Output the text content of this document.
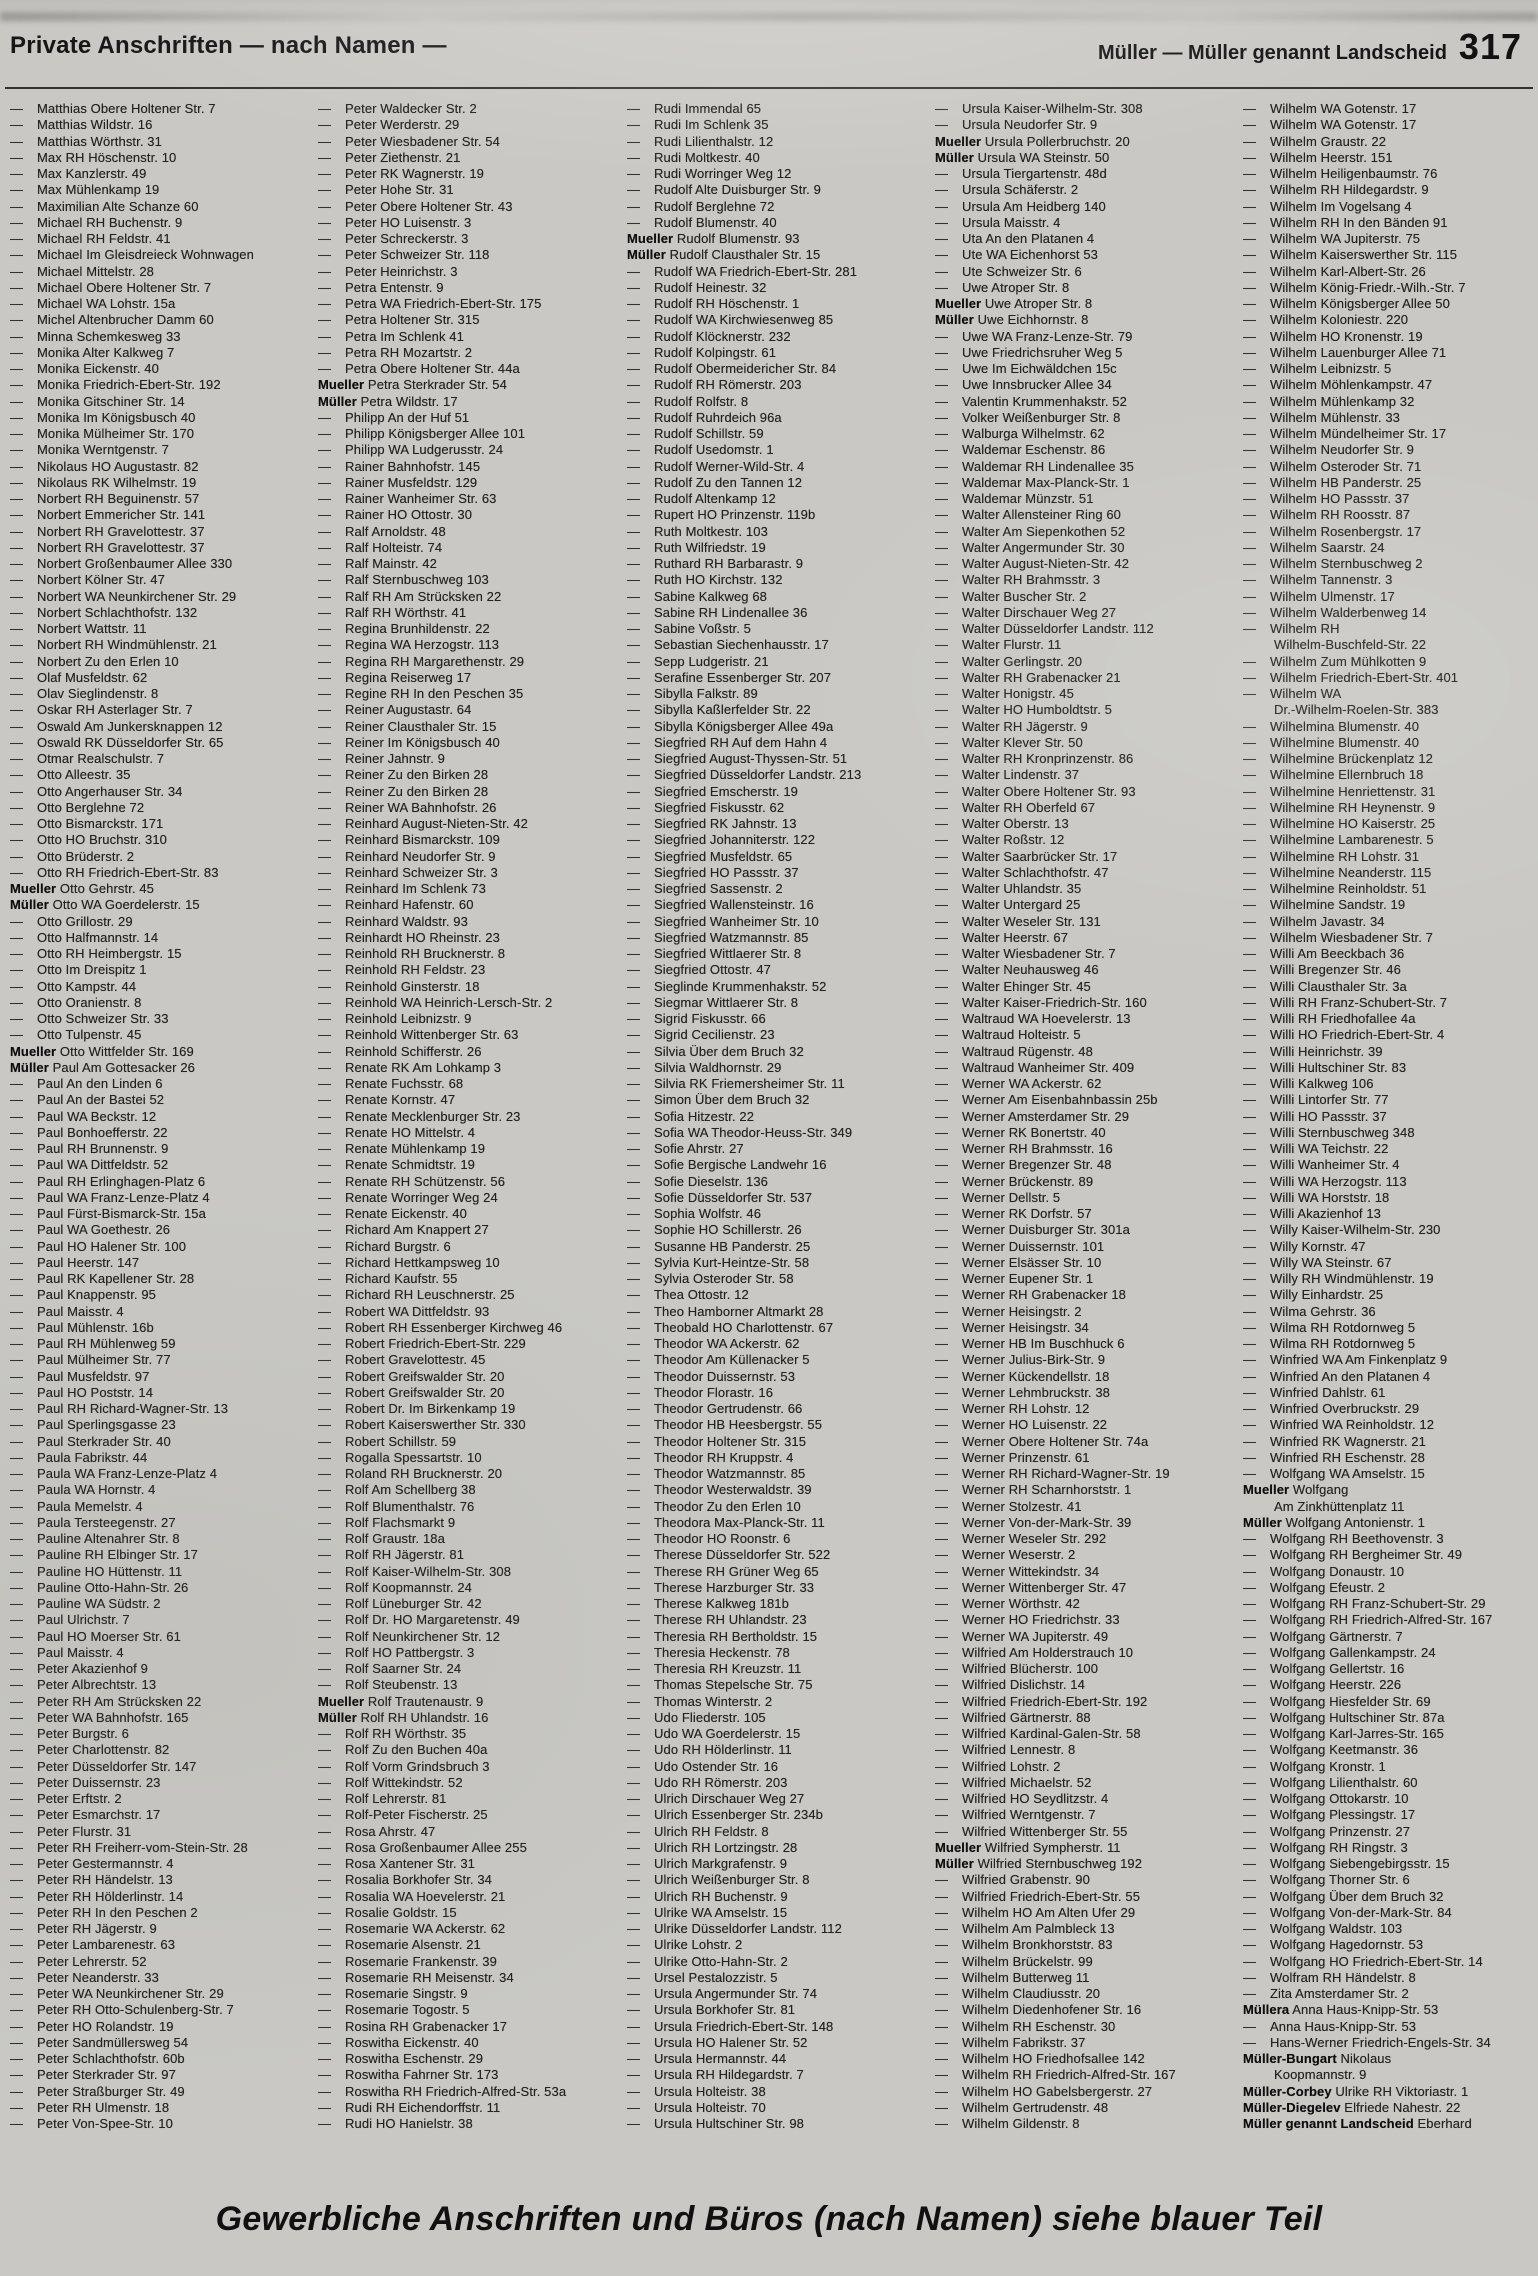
Private Anschriften — nach Namen —	Müller — Müller genannt Landscheid 317
— Matthias Obere Holtener Str. 7
— Matthias Wildstr. 16
— Matthias Wörthstr. 31
— Max RH Höschenstr. 10
— Max Kanzlerstr. 49
— Max Mühlenkamp 19
— Maximilian Alte Schanze 60
— Michael RH Buchenstr. 9
— Michael RH Feldstr. 41
— Michael Im Gleisdreieck Wohnwagen
— Michael Mittelstr. 28
— Michael Obere Holtener Str. 7
— Michael WA Lohstr. 15a
— Michel Altenbrucher Damm 60
— Minna Schemkesweg 33
— Monika Alter Kalkweg 7
— Monika Eickenstr. 40
— Monika Friedrich-Ebert-Str. 192
— Monika Gitschiner Str. 14
— Monika Im Königsbusch 40
— Monika Mülheimer Str. 170
— Monika Werntgenstr. 7
— Nikolaus HO Augustastr. 82
— Nikolaus RK Wilhelmstr. 19
— Norbert RH Beguinenstr. 57
— Norbert Emmericher Str. 141
— Norbert RH Gravelottestr. 37
— Norbert RH Gravelottestr. 37
— Norbert Großenbaumer Allee 330
— Norbert Kölner Str. 47
— Norbert WA Neunkirchener Str. 29
— Norbert Schlachthofstr. 132
— Norbert Wattstr. 11
— Norbert RH Windmühlenstr. 21
— Norbert Zu den Erlen 10
— Olaf Musfeldstr. 62
— Olav Sieglindenstr. 8
— Oskar RH Asterlager Str. 7
— Oswald Am Junkersknappen 12
— Oswald RK Düsseldorfer Str. 65
— Otmar Realschulstr. 7
— Otto Alleestr. 35
— Otto Angerhauser Str. 34
— Otto Berglehne 72
— Otto Bismarckstr. 171
— Otto HO Bruchstr. 310
— Otto Brüderstr. 2
— Otto RH Friedrich-Ebert-Str. 83
Mueller Otto Gehrstr. 45
Müller Otto WA Goerdelerstr. 15
— Otto Grillostr. 29
— Otto Halfmannstr. 14
— Otto RH Heimbergstr. 15
— Otto Im Dreispitz 1
— Otto Kampstr. 44
— Otto Oranienstr. 8
— Otto Schweizer Str. 33
— Otto Tulpenstr. 45
Mueller Otto Wittfelder Str. 169
Müller Paul Am Gottesacker 26
— Paul An den Linden 6
— Paul An der Bastei 52
— Paul WA Beckstr. 12
— Paul Bonhoefferstr. 22
— Paul RH Brunnenstr. 9
— Paul WA Dittfeldstr. 52
— Paul RH Erlinghagen-Platz 6
— Paul WA Franz-Lenze-Platz 4
— Paul Fürst-Bismarck-Str. 15a
— Paul WA Goethestr. 26
— Paul HO Halener Str. 100
— Paul Heerstr. 147
— Paul RK Kapellener Str. 28
— Paul Knappenstr. 95
— Paul Maisstr. 4
— Paul Mühlenstr. 16b
— Paul RH Mühlenweg 59
— Paul Mülheimer Str. 77
— Paul Musfeldstr. 97
— Paul HO Poststr. 14
— Paul RH Richard-Wagner-Str. 13
— Paul Sperlingsgasse 23
— Paul Sterkrader Str. 40
— Paula Fabrikstr. 44
— Paula WA Franz-Lenze-Platz 4
— Paula WA Hornstr. 4
— Paula Memelstr. 4
— Paula Tersteegenstr. 27
— Pauline Altenahrer Str. 8
— Pauline RH Elbinger Str. 17
— Pauline HO Hüttenstr. 11
— Pauline Otto-Hahn-Str. 26
— Pauline WA Südstr. 2
— Paul Ulrichstr. 7
— Paul HO Moerser Str. 61
— Paul Maisstr. 4
— Peter Akazienhof 9
— Peter Albrechtstr. 13
— Peter RH Am Strücksken 22
— Peter WA Bahnhofstr. 165
— Peter Burgstr. 6
— Peter Charlottenstr. 82
— Peter Düsseldorfer Str. 147
— Peter Duissernstr. 23
— Peter Erftstr. 2
— Peter Esmarchstr. 17
— Peter Flurstr. 31
— Peter RH Freiherr-vom-Stein-Str. 28
— Peter Gestermannstr. 4
— Peter RH Händelstr. 13
— Peter RH Hölderlinstr. 14
— Peter RH In den Peschen 2
— Peter RH Jägerstr. 9
— Peter Lambarenestr. 63
— Peter Lehrerstr. 52
— Peter Neanderstr. 33
— Peter WA Neunkirchener Str. 29
— Peter RH Otto-Schulenberg-Str. 7
— Peter HO Rolandstr. 19
— Peter Sandmüllersweg 54
— Peter Schlachthofstr. 60b
— Peter Sterkrader Str. 97
— Peter Straßburger Str. 49
— Peter RH Ulmenstr. 18
— Peter Von-Spee-Str. 10
— Peter Waldecker Str. 2
— Peter Werderstr. 29
— Peter Wiesbadener Str. 54
— Peter Ziethenstr. 21
— Peter RK Wagnerstr. 19
— Peter Hohe Str. 31
— Peter Obere Holtener Str. 43
— Peter HO Luisenstr. 3
— Peter Schreckerstr. 3
— Peter Schweizer Str. 118
— Peter Heinrichstr. 3
— Petra Entenstr. 9
— Petra WA Friedrich-Ebert-Str. 175
— Petra Holtener Str. 315
— Petra Im Schlenk 41
— Petra RH Mozartstr. 2
— Petra Obere Holtener Str. 44a
Mueller Petra Sterkrader Str. 54
Müller Petra Wildstr. 17
— Philipp An der Huf 51
— Philipp Königsberger Allee 101
— Philipp WA Ludgerusstr. 24
— Rainer Bahnhofstr. 145
— Rainer Musfeldstr. 129
— Rainer Wanheimer Str. 63
— Rainer HO Ottostr. 30
— Ralf Arnoldstr. 48
— Ralf Holteistr. 74
— Ralf Mainstr. 42
— Ralf Sternbuschweg 103
— Ralf RH Am Strücksken 22
— Ralf RH Wörthstr. 41
— Regina Brunhildenstr. 22
— Regina WA Herzogstr. 113
— Regina RH Margarethenstr. 29
— Regina Reiserweg 17
— Regine RH In den Peschen 35
— Reiner Augustastr. 64
— Reiner Clausthaler Str. 15
— Reiner Im Königsbusch 40
— Reiner Jahnstr. 9
— Reiner Zu den Birken 28
— Reiner Zu den Birken 28
— Reiner WA Bahnhofstr. 26
— Reinhard August-Nieten-Str. 42
— Reinhard Bismarckstr. 109
— Reinhard Neudorfer Str. 9
— Reinhard Schweizer Str. 3
— Reinhard Im Schlenk 73
— Reinhard Hafenstr. 60
— Reinhard Waldstr. 93
— Reinhardt HO Rheinstr. 23
— Reinhold RH Brucknerstr. 8
— Reinhold RH Feldstr. 23
— Reinhold Ginsterstr. 18
— Reinhold WA Heinrich-Lersch-Str. 2
— Reinhold Leibnizstr. 9
— Reinhold Wittenberger Str. 63
— Reinhold Schifferstr. 26
— Renate RK Am Lohkamp 3
— Renate Fuchsstr. 68
— Renate Kornstr. 47
— Renate Mecklenburger Str. 23
— Renate HO Mittelstr. 4
— Renate Mühlenkamp 19
— Renate Schmidtstr. 19
— Renate RH Schützenstr. 56
— Renate Worringer Weg 24
— Renate Eickenstr. 40
— Richard Am Knappert 27
— Richard Burgstr. 6
— Richard Hettkampsweg 10
— Richard Kaufstr. 55
— Richard RH Leuschnerstr. 25
— Robert WA Dittfeldstr. 93
— Robert RH Essenberger Kirchweg 46
— Robert Friedrich-Ebert-Str. 229
— Robert Gravelottestr. 45
— Robert Greifswalder Str. 20
— Robert Greifswalder Str. 20
— Robert Dr. Im Birkenkamp 19
— Robert Kaiserswerther Str. 330
— Robert Schillstr. 59
— Rogalla Spessartstr. 10
— Roland RH Brucknerstr. 20
— Rolf Am Schellberg 38
— Rolf Blumenthalstr. 76
— Rolf Flachsmarkt 9
— Rolf Graustr. 18a
— Rolf RH Jägerstr. 81
— Rolf Kaiser-Wilhelm-Str. 308
— Rolf Koopmannstr. 24
— Rolf Lüneburger Str. 42
— Rolf Dr. HO Margaretenstr. 49
— Rolf Neunkirchener Str. 12
— Rolf HO Pattbergstr. 3
— Rolf Saarner Str. 24
— Rolf Steubenstr. 13
Mueller Rolf Trautenaustr. 9
Müller Rolf RH Uhlandstr. 16
— Rolf RH Wörthstr. 35
— Rolf Zu den Buchen 40a
— Rolf Vorm Grindsbruch 3
— Rolf Wittekindstr. 52
— Rolf Lehrerstr. 81
— Rolf-Peter Fischerstr. 25
— Rosa Ahrstr. 47
— Rosa Großenbaumer Allee 255
— Rosa Xantener Str. 31
— Rosalia Borkhofer Str. 34
— Rosalia WA Hoevelerstr. 21
— Rosalie Goldstr. 15
— Rosemarie WA Ackerstr. 62
— Rosemarie Alsenstr. 21
— Rosemarie Frankenstr. 39
— Rosemarie RH Meisenstr. 34
— Rosemarie Singstr. 9
— Rosemarie Togostr. 5
— Rosina RH Grabenacker 17
— Roswitha Eickenstr. 40
— Roswitha Eschenstr. 29
— Roswitha Fahrner Str. 173
— Roswitha RH Friedrich-Alfred-Str. 53a
— Rudi RH Eichendorffstr. 11
— Rudi HO Hanielstr. 38
— Rudi Immendal 65
— Rudi Im Schlenk 35
— Rudi Lilienthalstr. 12
— Rudi Moltkestr. 40
— Rudi Worringer Weg 12
— Rudolf Alte Duisburger Str. 9
— Rudolf Berglehne 72
— Rudolf Blumenstr. 40
Mueller Rudolf Blumenstr. 93
Müller Rudolf Clausthaler Str. 15
— Rudolf WA Friedrich-Ebert-Str. 281
— Rudolf Heinestr. 32
— Rudolf RH Höschenstr. 1
— Rudolf WA Kirchwiesenweg 85
— Rudolf Klöcknerstr. 232
— Rudolf Kolpingstr. 61
— Rudolf Obermeidericher Str. 84
— Rudolf RH Römerstr. 203
— Rudolf Rolfstr. 8
— Rudolf Ruhrdeich 96a
— Rudolf Schillstr. 59
— Rudolf Usedomstr. 1
— Rudolf Werner-Wild-Str. 4
— Rudolf Zu den Tannen 12
— Rudolf Altenkamp 12
— Rupert HO Prinzenstr. 119b
— Ruth Moltkestr. 103
— Ruth Wilfriedstr. 19
— Ruthard RH Barbarastr. 9
— Ruth HO Kirchstr. 132
— Sabine Kalkweg 68
— Sabine RH Lindenallee 36
— Sabine Voßstr. 5
— Sebastian Siechenhausstr. 17
— Sepp Ludgeristr. 21
— Serafine Essenberger Str. 207
— Sibylla Falkstr. 89
— Sibylla Kaßlerfelder Str. 22
— Sibylla Königsberger Allee 49a
— Siegfried RH Auf dem Hahn 4
— Siegfried August-Thyssen-Str. 51
— Siegfried Düsseldorfer Landstr. 213
— Siegfried Emscherstr. 19
— Siegfried Fiskusstr. 62
— Siegfried RK Jahnstr. 13
— Siegfried Johanniterstr. 122
— Siegfried Musfeldstr. 65
— Siegfried HO Passstr. 37
— Siegfried Sassenstr. 2
— Siegfried Wallensteinstr. 16
— Siegfried Wanheimer Str. 10
— Siegfried Watzmannstr. 85
— Siegfried Wittlaerer Str. 8
— Siegfried Ottostr. 47
— Sieglinde Krummenhakstr. 52
— Siegmar Wittlaerer Str. 8
— Sigrid Fiskusstr. 66
— Sigrid Cecilienstr. 23
— Silvia Über dem Bruch 32
— Silvia Waldhornstr. 29
— Silvia RK Friemersheimer Str. 11
— Simon Über dem Bruch 32
— Sofia Hitzestr. 22
— Sofia WA Theodor-Heuss-Str. 349
— Sofie Ahrstr. 27
— Sofie Bergische Landwehr 16
— Sofie Dieselstr. 136
— Sofie Düsseldorfer Str. 537
— Sophia Wolfstr. 46
— Sophie HO Schillerstr. 26
— Susanne HB Panderstr. 25
— Sylvia Kurt-Heintze-Str. 58
— Sylvia Osteroder Str. 58
— Thea Ottostr. 12
— Theo Hamborner Altmarkt 28
— Theobald HO Charlottenstr. 67
— Theodor WA Ackerstr. 62
— Theodor Am Küllenacker 5
— Theodor Duissernstr. 53
— Theodor Florastr. 16
— Theodor Gertrudenstr. 66
— Theodor HB Heesbergstr. 55
— Theodor Holtener Str. 315
— Theodor RH Kruppstr. 4
— Theodor Watzmannstr. 85
— Theodor Westerwaldstr. 39
— Theodor Zu den Erlen 10
— Theodora Max-Planck-Str. 11
— Theodor HO Roonstr. 6
— Therese Düsseldorfer Str. 522
— Therese RH Grüner Weg 65
— Therese Harzburger Str. 33
— Therese Kalkweg 181b
— Therese RH Uhlandstr. 23
— Theresia RH Bertholdstr. 15
— Theresia Heckenstr. 78
— Theresia RH Kreuzstr. 11
— Thomas Stepelsche Str. 75
— Thomas Winterstr. 2
— Udo Fliederstr. 105
— Udo WA Goerdelerstr. 15
— Udo RH Hölderlinstr. 11
— Udo Ostender Str. 16
— Udo RH Römerstr. 203
— Ulrich Dirschauer Weg 27
— Ulrich Essenberger Str. 234b
— Ulrich RH Feldstr. 8
— Ulrich RH Lortzingstr. 28
— Ulrich Markgrafenstr. 9
— Ulrich Weißenburger Str. 8
— Ulrich RH Buchenstr. 9
— Ulrike WA Amselstr. 15
— Ulrike Düsseldorfer Landstr. 112
— Ulrike Lohstr. 2
— Ulrike Otto-Hahn-Str. 2
— Ursel Pestalozzistr. 5
— Ursula Angermunder Str. 74
— Ursula Borkhofer Str. 81
— Ursula Friedrich-Ebert-Str. 148
— Ursula HO Halener Str. 52
— Ursula Hermannstr. 44
— Ursula RH Hildegardstr. 7
— Ursula Holteistr. 38
— Ursula Holteistr. 70
— Ursula Hultschiner Str. 98
— Ursula Kaiser-Wilhelm-Str. 308
— Ursula Neudorfer Str. 9
Mueller Ursula Pollerbruchstr. 20
Müller Ursula WA Steinstr. 50
— Ursula Tiergartenstr. 48d
— Ursula Schäferstr. 2
— Ursula Am Heidberg 140
— Ursula Maisstr. 4
— Uta An den Platanen 4
— Ute WA Eichenhorst 53
— Ute Schweizer Str. 6
— Uwe Atroper Str. 8
Mueller Uwe Atroper Str. 8
Müller Uwe Eichhornstr. 8
— Uwe WA Franz-Lenze-Str. 79
— Uwe Friedrichsruher Weg 5
— Uwe Im Eichwäldchen 15c
— Uwe Innsbrucker Allee 34
— Valentin Krummenhakstr. 52
— Volker Weißenburger Str. 8
— Walburga Wilhelmstr. 62
— Waldemar Eschenstr. 86
— Waldemar RH Lindenallee 35
— Waldemar Max-Planck-Str. 1
— Waldemar Münzstr. 51
— Walter Allensteiner Ring 60
— Walter Am Siepenkothen 52
— Walter Angermunder Str. 30
— Walter August-Nieten-Str. 42
— Walter RH Brahmsstr. 3
— Walter Buscher Str. 2
— Walter Dirschauer Weg 27
— Walter Düsseldorfer Landstr. 112
— Walter Flurstr. 11
— Walter Gerlingstr. 20
— Walter RH Grabenacker 21
— Walter Honigstr. 45
— Walter HO Humboldtstr. 5
— Walter RH Jägerstr. 9
— Walter Klever Str. 50
— Walter RH Kronprinzenstr. 86
— Walter Lindenstr. 37
— Walter Obere Holtener Str. 93
— Walter RH Oberfeld 67
— Walter Oberstr. 13
— Walter Roßstr. 12
— Walter Saarbrücker Str. 17
— Walter Schlachthofstr. 47
— Walter Uhlandstr. 35
— Walter Untergard 25
— Walter Weseler Str. 131
— Walter Heerstr. 67
— Walter Wiesbadener Str. 7
— Walter Neuhausweg 46
— Walter Ehinger Str. 45
— Walter Kaiser-Friedrich-Str. 160
— Waltraud WA Hoevelerstr. 13
— Waltraud Holteistr. 5
— Waltraud Rügenstr. 48
— Waltraud Wanheimer Str. 409
— Werner WA Ackerstr. 62
— Werner Am Eisenbahnbassin 25b
— Werner Amsterdamer Str. 29
— Werner RK Bonertstr. 40
— Werner RH Brahmsstr. 16
— Werner Bregenzer Str. 48
— Werner Brückenstr. 89
— Werner Dellstr. 5
— Werner RK Dorfstr. 57
— Werner Duisburger Str. 301a
— Werner Duissernstr. 101
— Werner Elsässer Str. 10
— Werner Eupener Str. 1
— Werner RH Grabenacker 18
— Werner Heisingstr. 2
— Werner Heisingstr. 34
— Werner HB Im Buschhuck 6
— Werner Julius-Birk-Str. 9
— Werner Kückendellstr. 18
— Werner Lehmbruckstr. 38
— Werner RH Lohstr. 12
— Werner HO Luisenstr. 22
— Werner Obere Holtener Str. 74a
— Werner Prinzenstr. 61
— Werner RH Richard-Wagner-Str. 19
— Werner RH Scharnhorststr. 1
— Werner Stolzestr. 41
— Werner Von-der-Mark-Str. 39
— Werner Weseler Str. 292
— Werner Weserstr. 2
— Werner Wittekindstr. 34
— Werner Wittenberger Str. 47
— Werner Wörthstr. 42
— Werner HO Friedrichstr. 33
— Werner WA Jupiterstr. 49
— Wilfried Am Holderstrauch 10
— Wilfried Blücherstr. 100
— Wilfried Dislichstr. 14
— Wilfried Friedrich-Ebert-Str. 192
— Wilfried Gärtnerstr. 88
— Wilfried Kardinal-Galen-Str. 58
— Wilfried Lennestr. 8
— Wilfried Lohstr. 2
— Wilfried Michaelstr. 52
— Wilfried HO Seydlitzstr. 4
— Wilfried Werntgenstr. 7
— Wilfried Wittenberger Str. 55
Mueller Wilfried Sympherstr. 11
Müller Wilfried Sternbuschweg 192
— Wilfried Grabenstr. 90
— Wilfried Friedrich-Ebert-Str. 55
— Wilhelm HO Am Alten Ufer 29
— Wilhelm Am Palmbleck 13
— Wilhelm Bronkhorststr. 83
— Wilhelm Brückelstr. 99
— Wilhelm Butterweg 11
— Wilhelm Claudiusstr. 20
— Wilhelm Diedenhofener Str. 16
— Wilhelm RH Eschenstr. 30
— Wilhelm Fabrikstr. 37
— Wilhelm HO Friedhofsallee 142
— Wilhelm RH Friedrich-Alfred-Str. 167
— Wilhelm HO Gabelsbergerstr. 27
— Wilhelm Gertrudenstr. 48
— Wilhelm Gildenstr. 8
— Wilhelm WA Gotenstr. 17
— Wilhelm WA Gotenstr. 17
— Wilhelm Graustr. 22
— Wilhelm Heerstr. 151
— Wilhelm Heiligenbaumstr. 76
— Wilhelm RH Hildegardstr. 9
— Wilhelm Im Vogelsang 4
— Wilhelm RH In den Bänden 91
— Wilhelm WA Jupiterstr. 75
— Wilhelm Kaiserswerther Str. 115
— Wilhelm Karl-Albert-Str. 26
— Wilhelm König-Friedr.-Wilh.-Str. 7
— Wilhelm Königsberger Allee 50
— Wilhelm Koloniestr. 220
— Wilhelm HO Kronenstr. 19
— Wilhelm Lauenburger Allee 71
— Wilhelm Leibnizstr. 5
— Wilhelm Möhlenkampstr. 47
— Wilhelm Mühlenkamp 32
— Wilhelm Mühlenstr. 33
— Wilhelm Mündelheimer Str. 17
— Wilhelm Neudorfer Str. 9
— Wilhelm Osteroder Str. 71
— Wilhelm HB Panderstr. 25
— Wilhelm HO Passstr. 37
— Wilhelm RH Roosstr. 87
— Wilhelm Rosenbergstr. 17
— Wilhelm Saarstr. 24
— Wilhelm Sternbuschweg 2
— Wilhelm Tannenstr. 3
— Wilhelm Ulmenstr. 17
— Wilhelm Walderbenweg 14
— Wilhelm RH
Wilhelm-Buschfeld-Str. 22
— Wilhelm Zum Mühlkotten 9
— Wilhelm Friedrich-Ebert-Str. 401
— Wilhelm WA
Dr.-Wilhelm-Roelen-Str. 383
— Wilhelmina Blumenstr. 40
— Wilhelmine Blumenstr. 40
— Wilhelmine Brückenplatz 12
— Wilhelmine Ellernbruch 18
— Wilhelmine Henriettenstr. 31
— Wilhelmine RH Heynenstr. 9
— Wilhelmine HO Kaiserstr. 25
— Wilhelmine Lambarenestr. 5
— Wilhelmine RH Lohstr. 31
— Wilhelmine Neanderstr. 115
— Wilhelmine Reinholdstr. 51
— Wilhelmine Sandstr. 19
— Wilhelm Javastr. 34
— Wilhelm Wiesbadener Str. 7
— Willi Am Beeckbach 36
— Willi Bregenzer Str. 46
— Willi Clausthaler Str. 3a
— Willi RH Franz-Schubert-Str. 7
— Willi RH Friedhofallee 4a
— Willi HO Friedrich-Ebert-Str. 4
— Willi Heinrichstr. 39
— Willi Hultschiner Str. 83
— Willi Kalkweg 106
— Willi Lintorfer Str. 77
— Willi HO Passstr. 37
— Willi Sternbuschweg 348
— Willi WA Teichstr. 22
— Willi Wanheimer Str. 4
— Willi WA Herzogstr. 113
— Willi WA Horststr. 18
— Willi Akazienhof 13
— Willy Kaiser-Wilhelm-Str. 230
— Willy Kornstr. 47
— Willy WA Steinstr. 67
— Willy RH Windmühlenstr. 19
— Willy Einhardstr. 25
— Wilma Gehrstr. 36
— Wilma RH Rotdornweg 5
— Wilma RH Rotdornweg 5
— Winfried WA Am Finkenplatz 9
— Winfried An den Platanen 4
— Winfried Dahlstr. 61
— Winfried Overbruckstr. 29
— Winfried WA Reinholdstr. 12
— Winfried RK Wagnerstr. 21
— Winfried RH Eschenstr. 28
— Wolfgang WA Amselstr. 15
Mueller Wolfgang
Am Zinkhüttenplatz 11
Müller Wolfgang Antonienstr. 1
— Wolfgang RH Beethovenstr. 3
— Wolfgang RH Bergheimer Str. 49
— Wolfgang Donaustr. 10
— Wolfgang Efeustr. 2
— Wolfgang RH Franz-Schubert-Str. 29
— Wolfgang RH Friedrich-Alfred-Str. 167
— Wolfgang Gärtnerstr. 7
— Wolfgang Gallenkampstr. 24
— Wolfgang Gellertstr. 16
— Wolfgang Heerstr. 226
— Wolfgang Hiesfelder Str. 69
— Wolfgang Hultschiner Str. 87a
— Wolfgang Karl-Jarres-Str. 165
— Wolfgang Keetmanstr. 36
— Wolfgang Kronstr. 1
— Wolfgang Lilienthalstr. 60
— Wolfgang Ottokarstr. 10
— Wolfgang Plessingstr. 17
— Wolfgang Prinzenstr. 27
— Wolfgang RH Ringstr. 3
— Wolfgang Siebengebirgsstr. 15
— Wolfgang Thorner Str. 6
— Wolfgang Über dem Bruch 32
— Wolfgang Von-der-Mark-Str. 84
— Wolfgang Waldstr. 103
— Wolfgang Hagedornstr. 53
— Wolfgang HO Friedrich-Ebert-Str. 14
— Wolfram RH Händelstr. 8
— Zita Amsterdamer Str. 2
Müllera Anna Haus-Knipp-Str. 53
— Anna Haus-Knipp-Str. 53
— Hans-Werner Friedrich-Engels-Str. 34
Müller-Bungart Nikolaus
Koopmannstr. 9
Müller-Corbey Ulrike RH Viktoriastr. 1
Müller-Diegelev Elfriede Nahestr. 22
Müller genannt Landscheid Eberhard
Gewerbliche Anschriften und Büros (nach Namen) siehe blauer Teil
